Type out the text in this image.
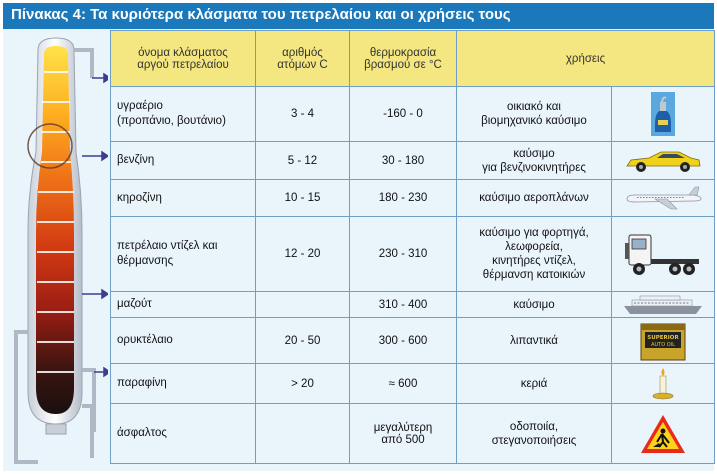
Πίνακας 4: Τα κυριότερα κλάσματα του πετρελαίου και οι χρήσεις τους
όνομα κλάσματος
αργού πετρελαίου	αριθμός
ατόμων C	θερμοκρασία
βρασμού σε °C	χρήσεις	

υγραέριο
(προπάνιο, βουτάνιο)	3 - 4	-160 - 0	οικιακό και
βιομηχανικό καύσιμο

βενζίνη	5 - 12	30 - 180	καύσιμο
για βενζινοκινητήρες

κηροζίνη	10 - 15	180 - 230	καύσιμο αεροπλάνων

πετρέλαιο ντίζελ και
θέρμανσης	12 - 20	230 - 310	καύσιμο για φορτηγά,
λεωφορεία,
κινητήρες ντίζελ,
θέρμανση κατοικιών

μαζούτ		310 - 400	καύσιμο

ορυκτέλαιο	20 - 50	300 - 600	λιπαντικά	SUPERIOR
AUTO OIL

παραφίνη	> 20	≈ 600	κεριά

άσφαλτος		μεγαλύτερη
από 500	οδοποιία,
στεγανοποιήσεις
